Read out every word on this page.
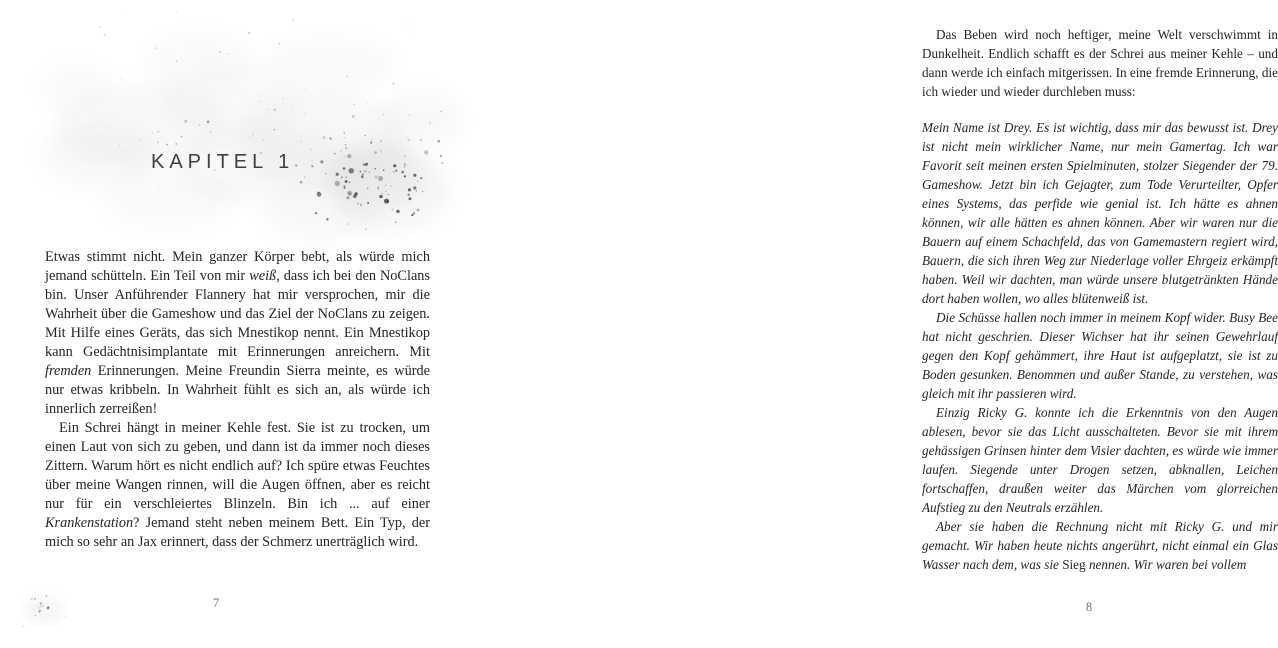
KAPITEL 1

Etwas stimmt nicht. Mein ganzer Körper bebt, als würde mich jemand schütteln. Ein Teil von mir weiß, dass ich bei den NoClans bin. Unser Anführender Flannery hat mir versprochen, mir die Wahrheit über die Gameshow und das Ziel der NoClans zu zeigen. Mit Hilfe eines Geräts, das sich Mnestikop nennt. Ein Mnestikop kann Gedächtnisimplantate mit Erinnerungen anreichern. Mit fremden Erinnerungen. Meine Freundin Sierra meinte, es würde nur etwas kribbeln. In Wahrheit fühlt es sich an, als würde ich innerlich zerreißen!

Ein Schrei hängt in meiner Kehle fest. Sie ist zu trocken, um einen Laut von sich zu geben, und dann ist da immer noch dieses Zittern. Warum hört es nicht endlich auf? Ich spüre etwas Feuchtes über meine Wangen rinnen, will die Augen öffnen, aber es reicht nur für ein verschleiertes Blinzeln. Bin ich ... auf einer Krankenstation? Jemand steht neben meinem Bett. Ein Typ, der mich so sehr an Jax erinnert, dass der Schmerz unerträglich wird.

7

Das Beben wird noch heftiger, meine Welt verschwimmt in Dunkelheit. Endlich schafft es der Schrei aus meiner Kehle – und dann werde ich einfach mitgerissen. In eine fremde Erinnerung, die ich wieder und wieder durchleben muss:

Mein Name ist Drey. Es ist wichtig, dass mir das bewusst ist. Drey ist nicht mein wirklicher Name, nur mein Gamertag. Ich war Favorit seit meinen ersten Spielminuten, stolzer Siegender der 79. Gameshow. Jetzt bin ich Gejagter, zum Tode Verurteilter, Opfer eines Systems, das perfide wie genial ist. Ich hätte es ahnen können, wir alle hätten es ahnen können. Aber wir waren nur die Bauern auf einem Schachfeld, das von Gamemastern regiert wird, Bauern, die sich ihren Weg zur Niederlage voller Ehrgeiz erkämpft haben. Weil wir dachten, man würde unsere blutgetränkten Hände dort haben wollen, wo alles blütenweiß ist.

Die Schüsse hallen noch immer in meinem Kopf wider. Busy Bee hat nicht geschrien. Dieser Wichser hat ihr seinen Gewehrlauf gegen den Kopf gehämmert, ihre Haut ist aufgeplatzt, sie ist zu Boden gesunken. Benommen und außer Stande, zu verstehen, was gleich mit ihr passieren wird.

Einzig Ricky G. konnte ich die Erkenntnis von den Augen ablesen, bevor sie das Licht ausschalteten. Bevor sie mit ihrem gehässigen Grinsen hinter dem Visier dachten, es würde wie immer laufen. Siegende unter Drogen setzen, abknallen, Leichen fortschaffen, draußen weiter das Märchen vom glorreichen Aufstieg zu den Neutrals erzählen.

Aber sie haben die Rechnung nicht mit Ricky G. und mir gemacht. Wir haben heute nichts angerührt, nicht einmal ein Glas Wasser nach dem, was sie Sieg nennen. Wir waren bei vollem

8
